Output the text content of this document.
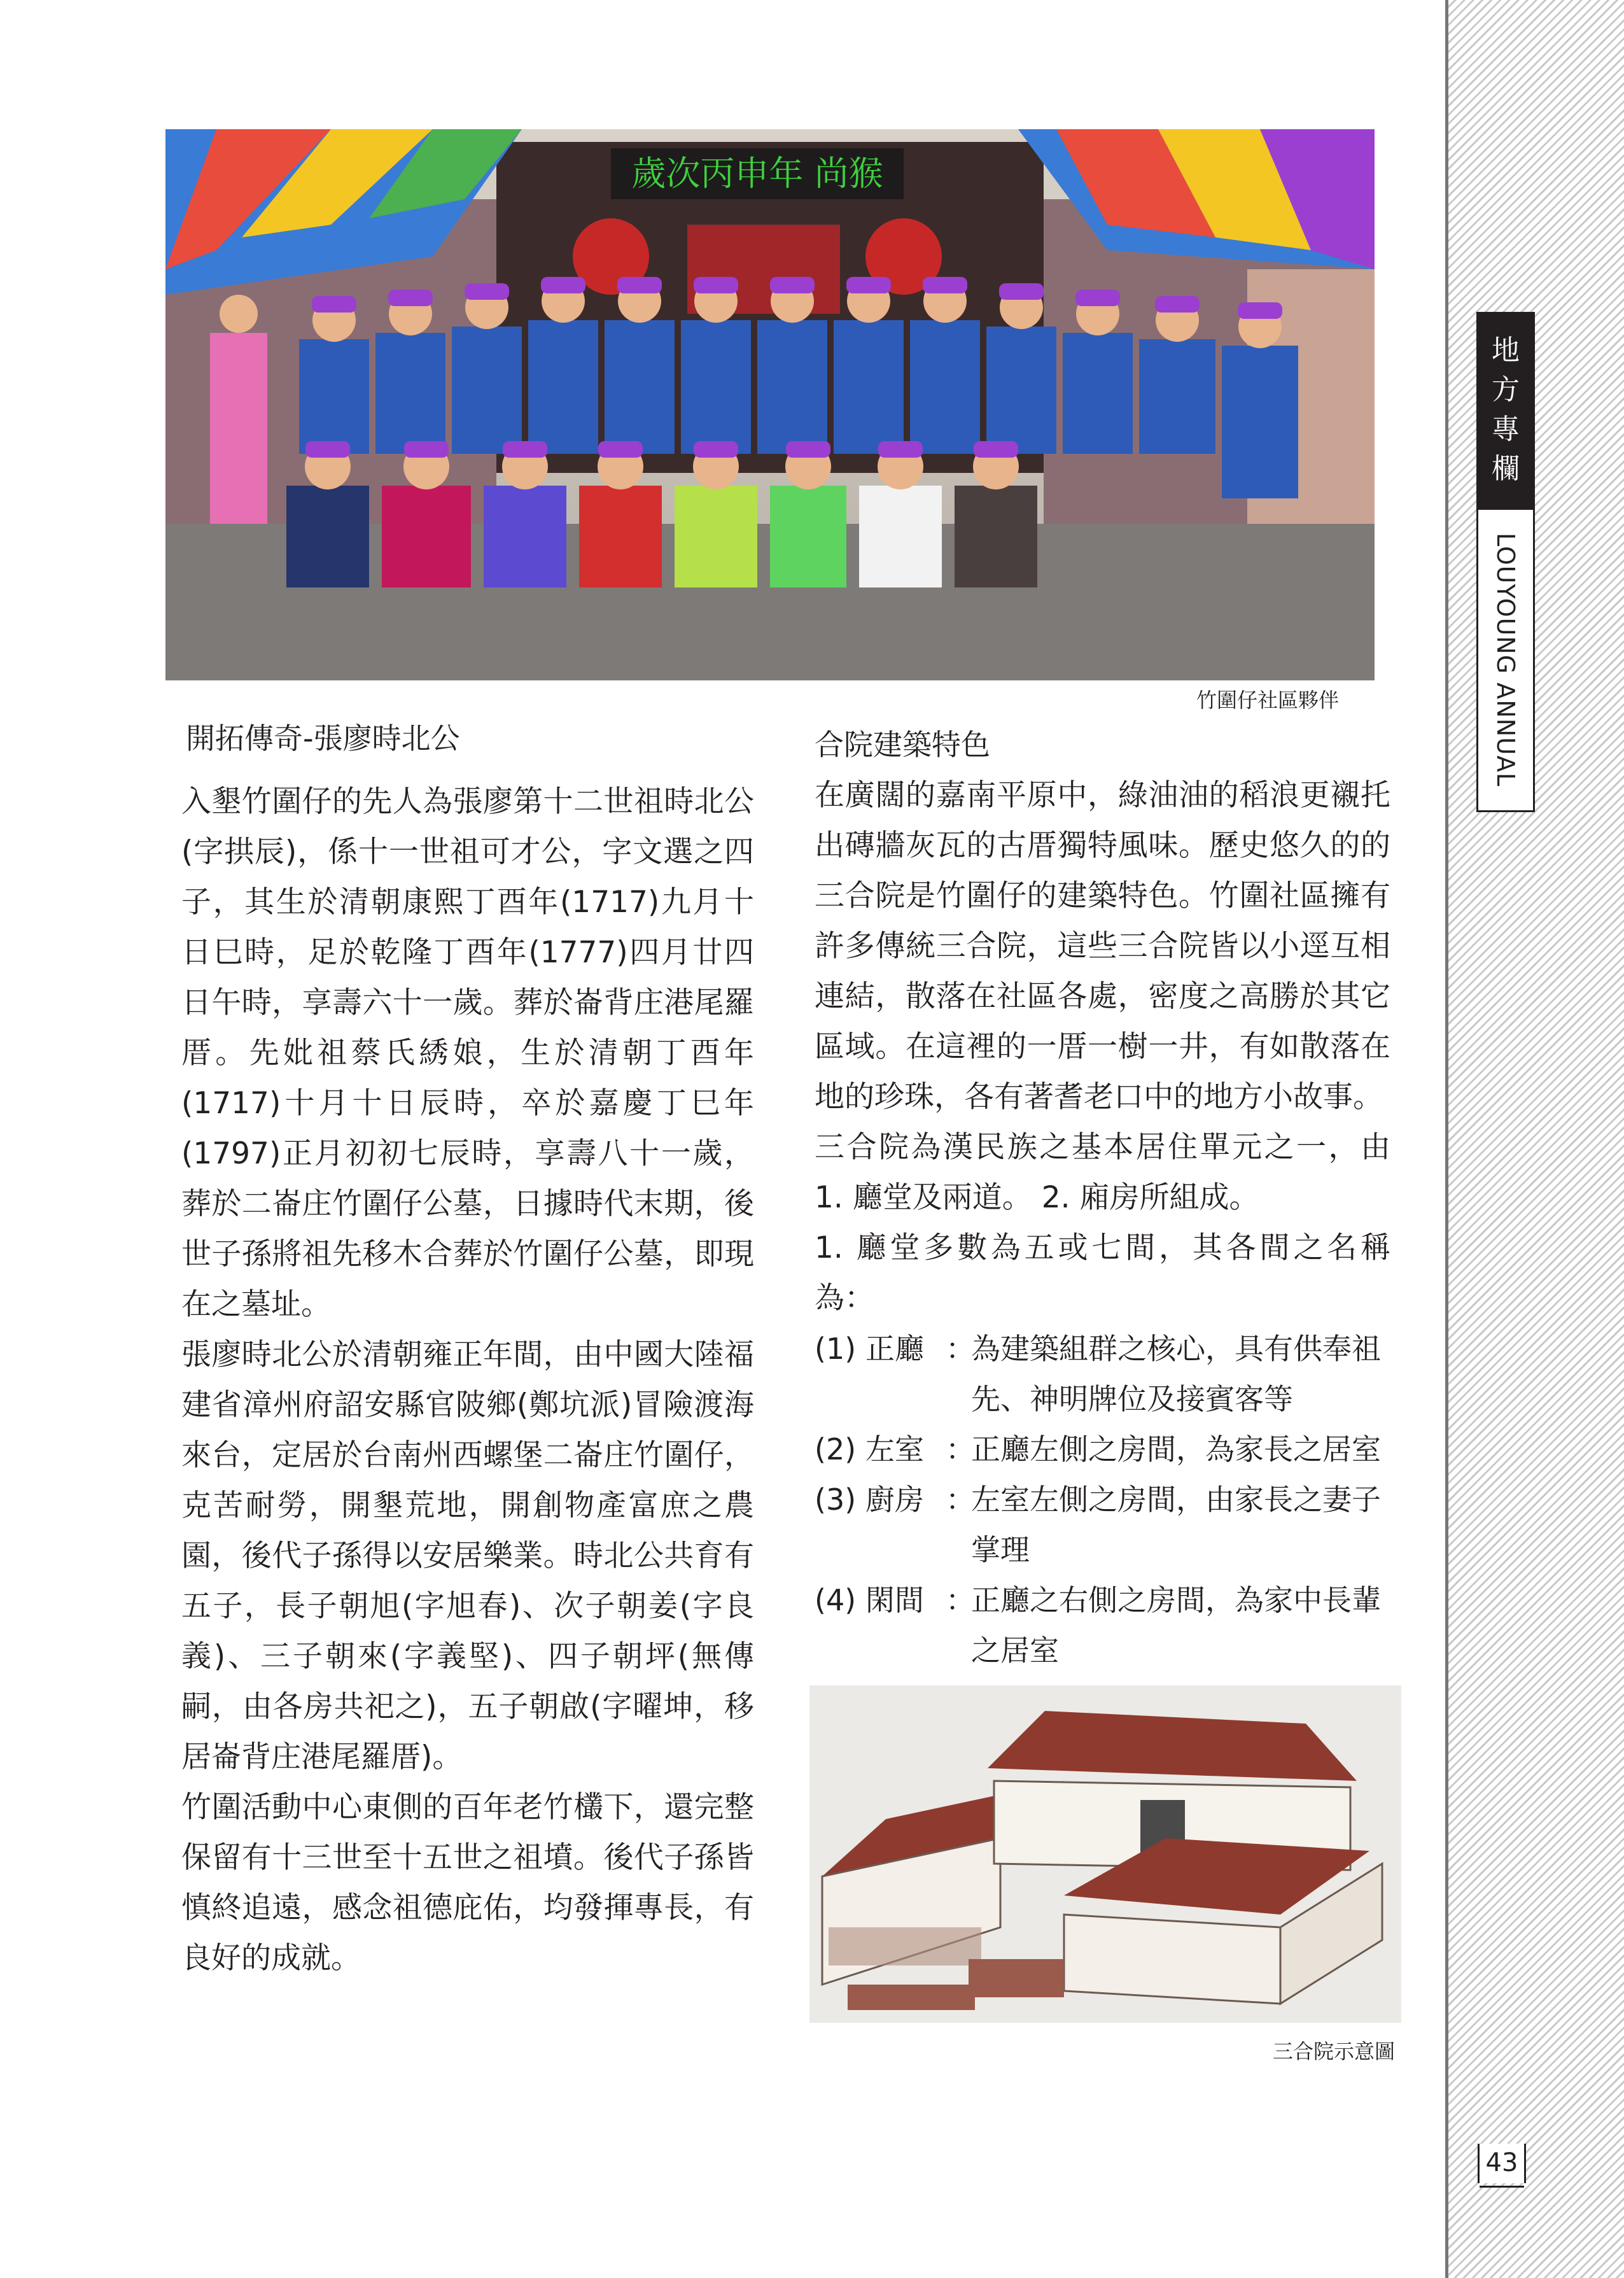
地
方
專
欄
LOUYOUNG ANNUAL
43
歲次丙申年 尚猴
竹圍仔社區夥伴
開拓傳奇-張廖時北公

入墾竹圍仔的先人為張廖第十二世祖時北公(字拱辰)，係十一世祖可才公，字文選之四子，其生於清朝康熙丁酉年(1717)九月十日巳時，足於乾隆丁酉年(1777)四月廿四日午時，享壽六十一歲。葬於崙背庄港尾羅厝。先妣祖蔡氏綉娘，生於清朝丁酉年(1717)十月十日辰時，卒於嘉慶丁巳年(1797)正月初初七辰時，享壽八十一歲，葬於二崙庄竹圍仔公墓，日據時代末期，後世子孫將祖先移木合葬於竹圍仔公墓，即現在之墓址。

張廖時北公於清朝雍正年間，由中國大陸福建省漳州府詔安縣官陂鄉(鄭坑派)冒險渡海來台，定居於台南州西螺堡二崙庄竹圍仔，克苦耐勞，開墾荒地，開創物產富庶之農園，後代子孫得以安居樂業。時北公共育有五子，長子朝旭(字旭春)、次子朝姜(字良義)、三子朝來(字義堅)、四子朝坪(無傳嗣，由各房共祀之)，五子朝啟(字曜坤，移居崙背庄港尾羅厝)。

竹圍活動中心東側的百年老竹欉下，還完整保留有十三世至十五世之祖墳。後代子孫皆慎終追遠，感念祖德庇佑，均發揮專長，有良好的成就。

合院建築特色

在廣闊的嘉南平原中，綠油油的稻浪更襯托出磚牆灰瓦的古厝獨特風味。歷史悠久的的三合院是竹圍仔的建築特色。竹圍社區擁有許多傳統三合院，這些三合院皆以小逕互相連結，散落在社區各處，密度之高勝於其它區域。在這裡的一厝一樹一井，有如散落在地的珍珠，各有著耆老口中的地方小故事。

三合院為漢民族之基本居住單元之一，由 1. 廳堂及兩道。 2. 廂房所組成。

1. 廳堂多數為五或七間，其各間之名稱為：

(1) 正廳 ：
為建築組群之核心，具有供奉祖先、神明牌位及接賓客等
(2) 左室 ：
正廳左側之房間，為家長之居室
(3) 廚房 ：
左室左側之房間，由家長之妻子掌理
(4) 閑間 ：
正廳之右側之房間，為家中長輩之居室
三合院示意圖
